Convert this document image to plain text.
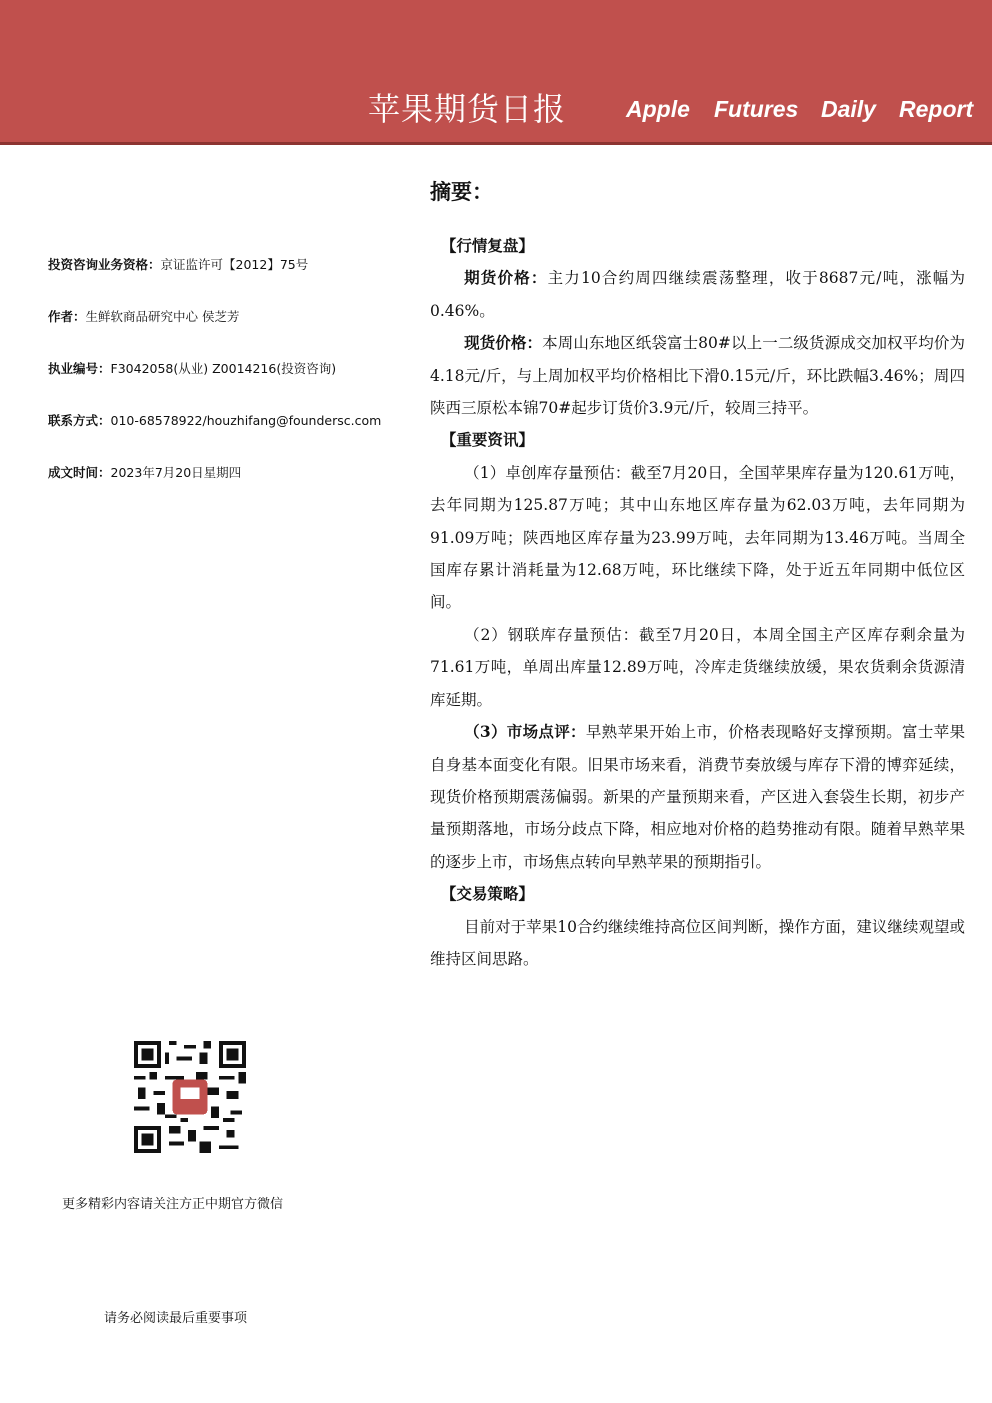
苹果期货日报	Apple Futures Daily Report
摘要：
投资咨询业务资格：京证监许可【2012】75号
作者：生鲜软商品研究中心 侯芝芳
执业编号：F3042058(从业) Z0014216(投资咨询)
联系方式：010-68578922/houzhifang@foundersc.com
成文时间：2023年7月20日星期四

【行情复盘】

期货价格：主力10合约周四继续震荡整理，收于8687元/吨，涨幅为0.46%。

现货价格：本周山东地区纸袋富士80#以上一二级货源成交加权平均价为4.18元/斤，与上周加权平均价格相比下滑0.15元/斤，环比跌幅3.46%；周四陕西三原松本锦70#起步订货价3.9元/斤，较周三持平。

【重要资讯】

（1）卓创库存量预估：截至7月20日，全国苹果库存量为120.61万吨，去年同期为125.87万吨；其中山东地区库存量为62.03万吨，去年同期为91.09万吨；陕西地区库存量为23.99万吨，去年同期为13.46万吨。当周全国库存累计消耗量为12.68万吨，环比继续下降，处于近五年同期中低位区间。

（2）钢联库存量预估：截至7月20日，本周全国主产区库存剩余量为71.61万吨，单周出库量12.89万吨，冷库走货继续放缓，果农货剩余货源清库延期。

（3）市场点评：早熟苹果开始上市，价格表现略好支撑预期。富士苹果自身基本面变化有限。旧果市场来看，消费节奏放缓与库存下滑的博弈延续，现货价格预期震荡偏弱。新果的产量预期来看，产区进入套袋生长期，初步产量预期落地，市场分歧点下降，相应地对价格的趋势推动有限。随着早熟苹果的逐步上市，市场焦点转向早熟苹果的预期指引。

【交易策略】

目前对于苹果10合约继续维持高位区间判断，操作方面，建议继续观望或维持区间思路。

更多精彩内容请关注方正中期官方微信
请务必阅读最后重要事项
